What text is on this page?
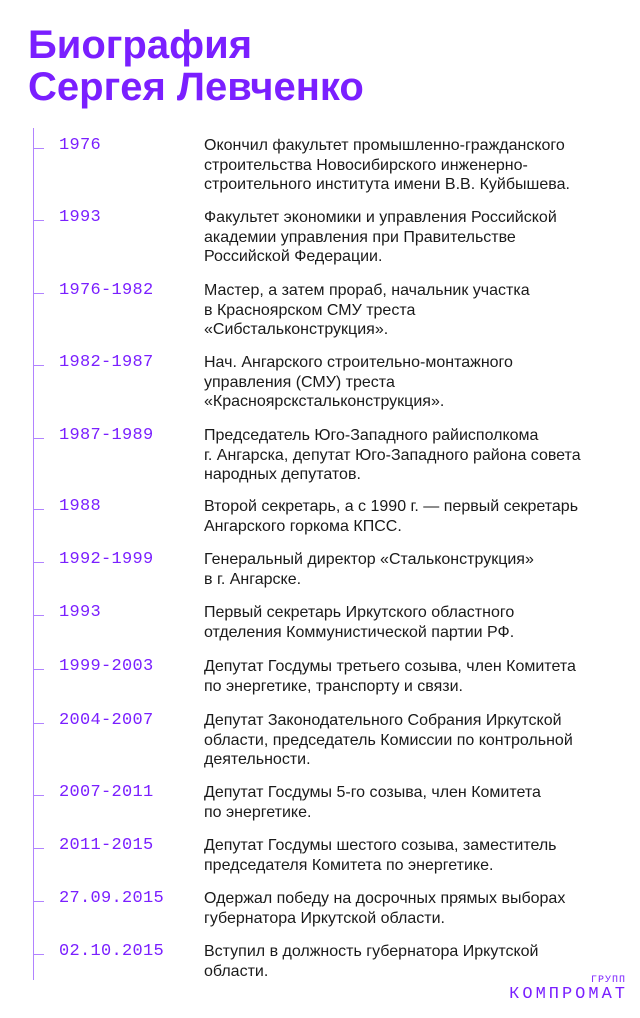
Биография
Сергея Левченко
1976	Окончил факультет промышленно-гражданского
строительства Новосибирского инженерно-
строительного института имени В.В. Куйбышева.
1993	Факультет экономики и управления Российской
академии управления при Правительстве
Российской Федерации.
1976-1982	Мастер, а затем прораб, начальник участка
в Красноярском СМУ треста
«Сибстальконструкция».
1982-1987	Нач. Ангарского строительно-монтажного
управления (СМУ) треста
«Красноярскстальконструкция».
1987-1989	Председатель Юго-Западного райисполкома
г. Ангарска, депутат Юго-Западного района совета
народных депутатов.
1988	Второй секретарь, а с 1990 г. — первый секретарь
Ангарского горкома КПСС.
1992-1999	Генеральный директор «Стальконструкция»
в г. Ангарске.
1993	Первый секретарь Иркутского областного
отделения Коммунистической партии РФ.
1999-2003	Депутат Госдумы третьего созыва, член Комитета
по энергетике, транспорту и связи.
2004-2007	Депутат Законодательного Собрания Иркутской
области, председатель Комиссии по контрольной
деятельности.
2007-2011	Депутат Госдумы 5-го созыва, член Комитета
по энергетике.
2011-2015	Депутат Госдумы шестого созыва, заместитель
председателя Комитета по энергетике.
27.09.2015 Одержал победу на досрочных прямых выборах
губернатора Иркутской области.
02.10.2015 Вступил в должность губернатора Иркутской
области.
ГРУПП
КОМПРОМАТ
